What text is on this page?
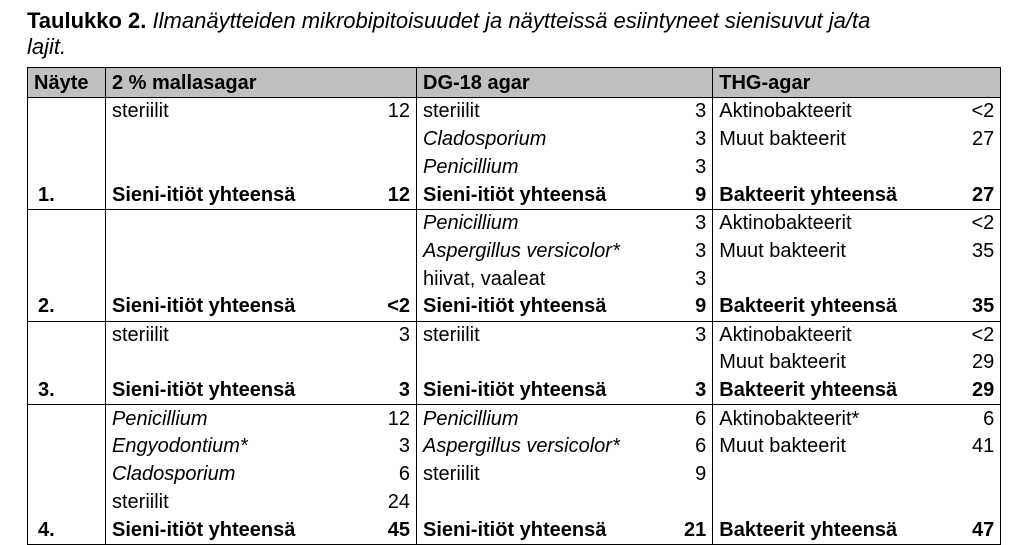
Taulukko 2. Ilmanäytteiden mikrobipitoisuudet ja näytteissä esiintyneet sienisuvut ja/ta
lajit.
Näyte	2 % mallasagar		DG-18 agar		THG-agar	
	steriilit	12	steriilit	3	Aktinobakteerit	<2
			Cladosporium	3	Muut bakteerit	27
			Penicillium	3		
1.	Sieni-itiöt yhteensä	12	Sieni-itiöt yhteensä	9	Bakteerit yhteensä	27
			Penicillium	3	Aktinobakteerit	<2
			Aspergillus versicolor*	3	Muut bakteerit	35
			hiivat, vaaleat	3		
2.	Sieni-itiöt yhteensä	<2	Sieni-itiöt yhteensä	9	Bakteerit yhteensä	35
	steriilit	3	steriilit	3	Aktinobakteerit	<2
					Muut bakteerit	29
3.	Sieni-itiöt yhteensä	3	Sieni-itiöt yhteensä	3	Bakteerit yhteensä	29
	Penicillium	12	Penicillium	6	Aktinobakteerit*	6
	Engyodontium*	3	Aspergillus versicolor*	6	Muut bakteerit	41
	Cladosporium	6	steriilit	9		
	steriilit	24				
4.	Sieni-itiöt yhteensä	45	Sieni-itiöt yhteensä	21	Bakteerit yhteensä	47
